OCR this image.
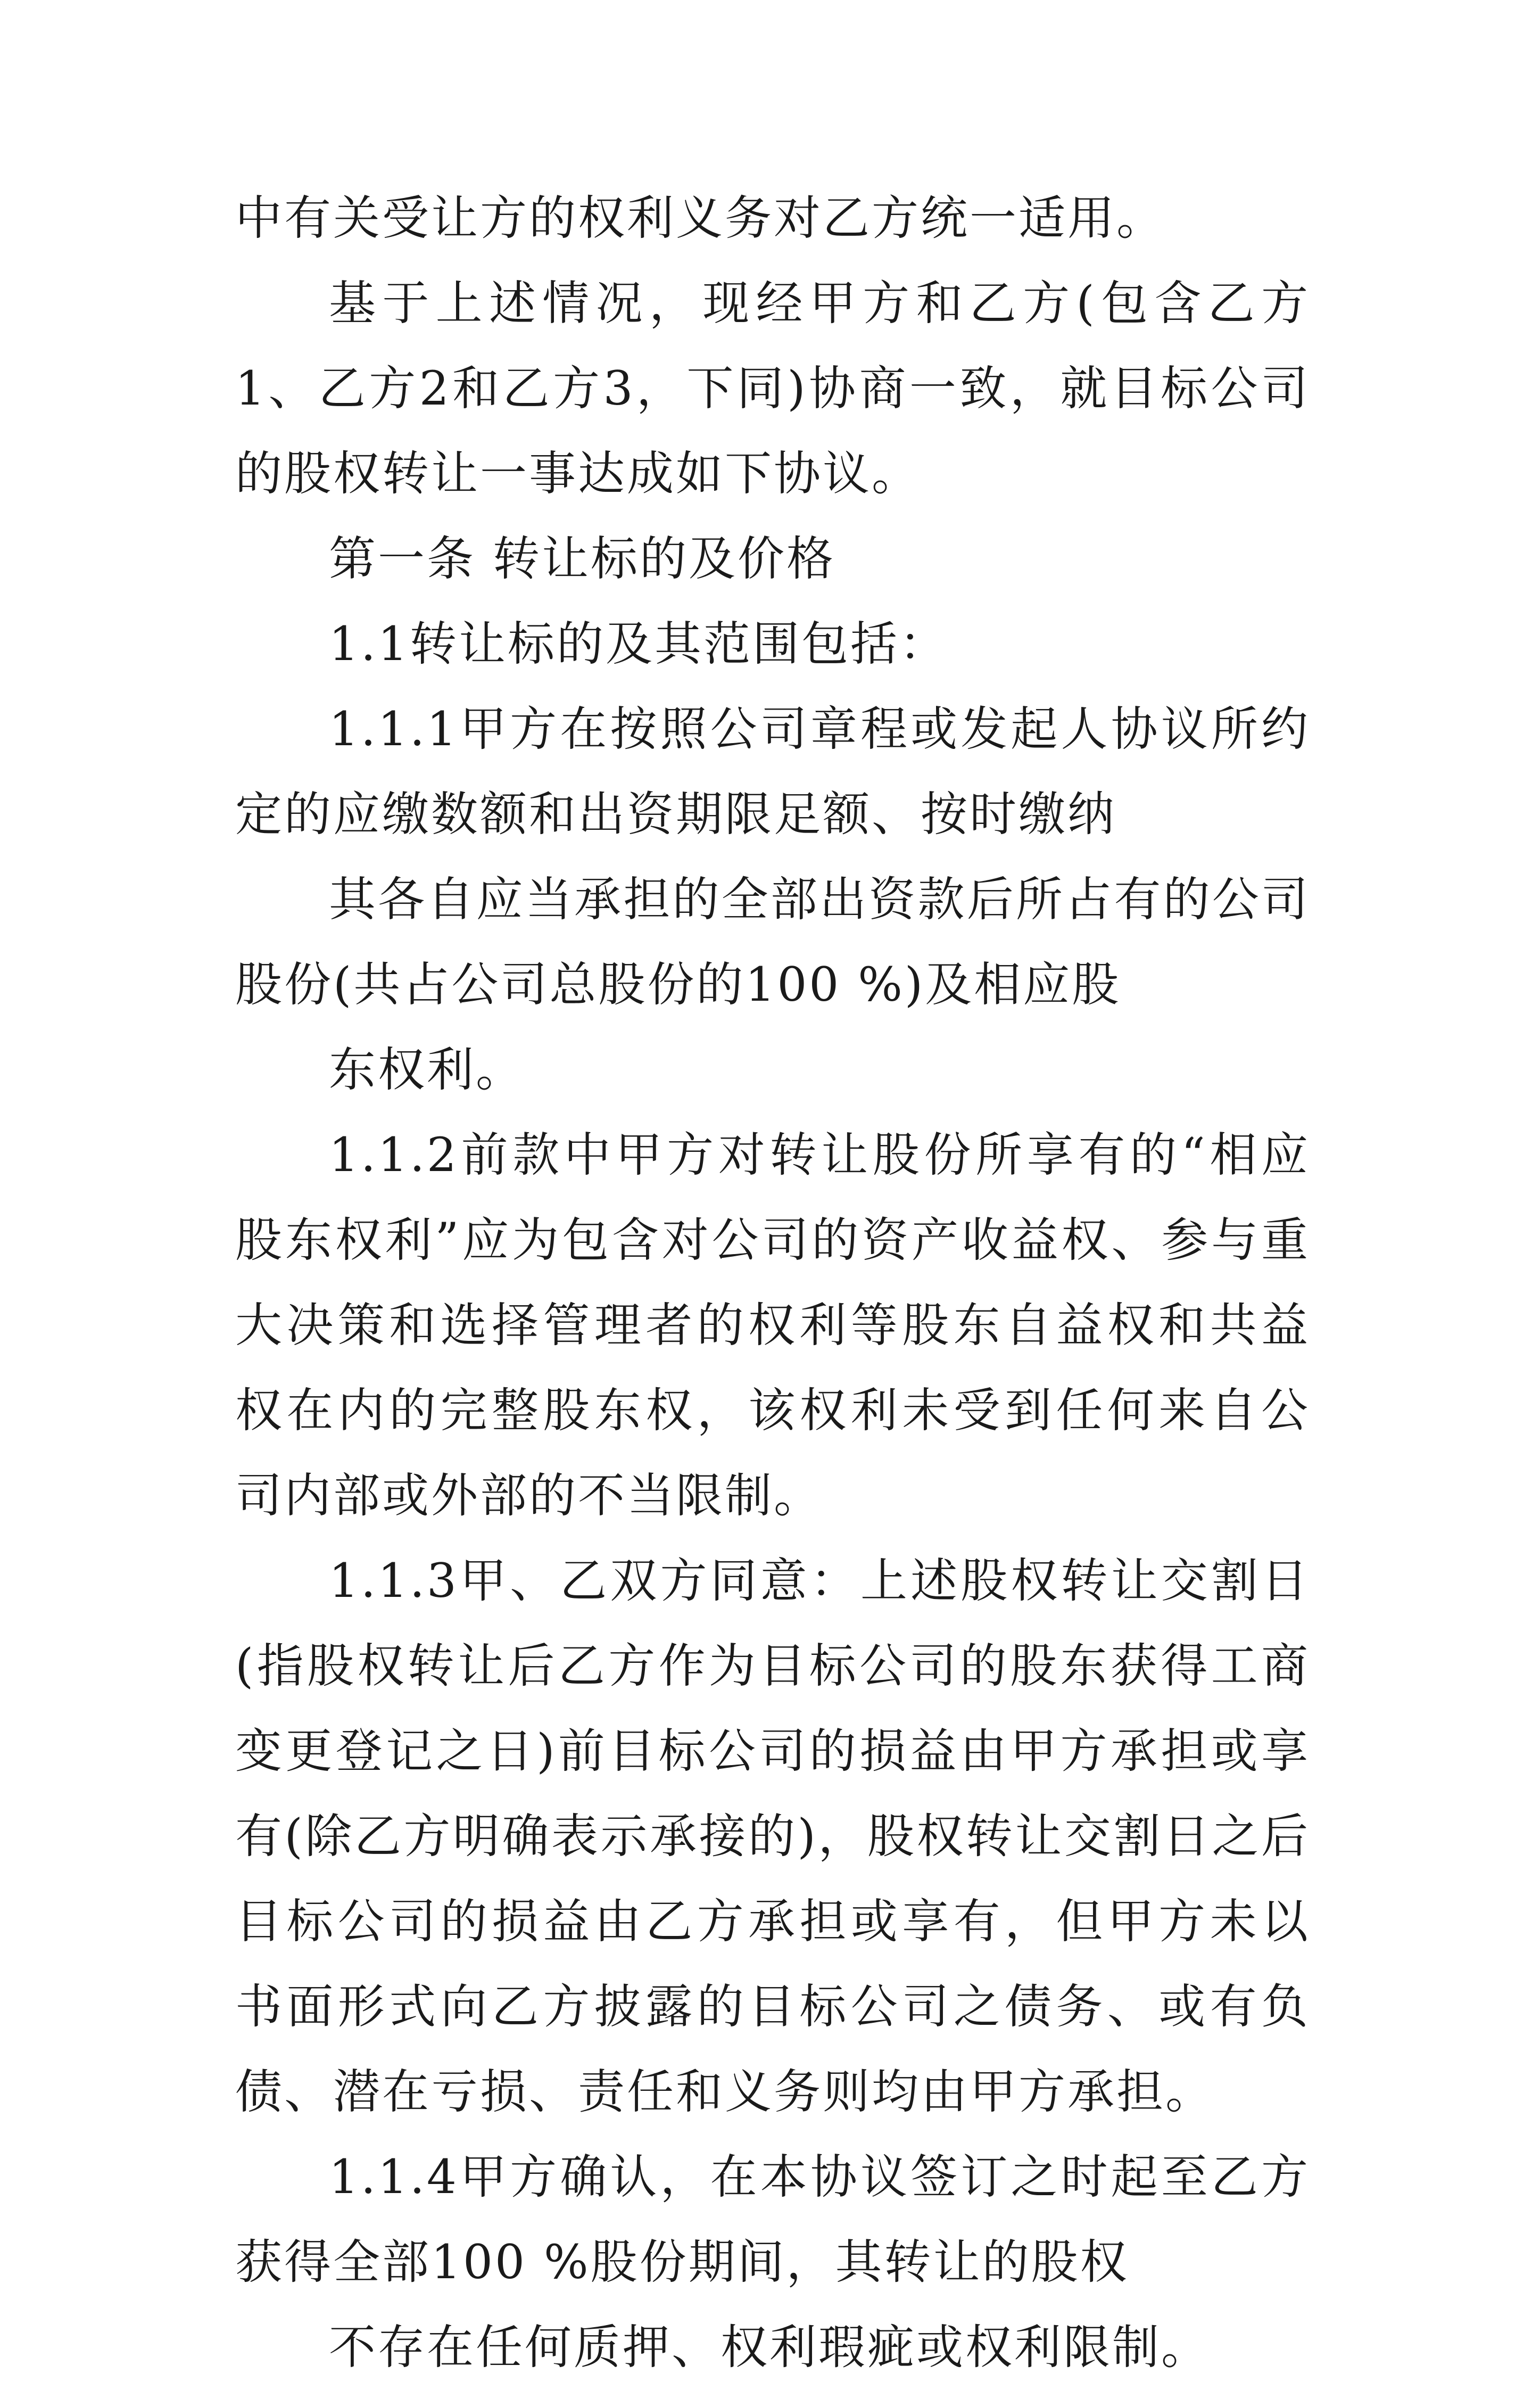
中有关受让方的权利义务对乙方统一适用。

基于上述情况，现经甲方和乙方(包含乙方1、乙方2和乙方3，下同)协商一致，就目标公司的股权转让一事达成如下协议。

第一条 转让标的及价格

1.1转让标的及其范围包括：

1.1.1甲方在按照公司章程或发起人协议所约定的应缴数额和出资期限足额、按时缴纳

其各自应当承担的全部出资款后所占有的公司股份(共占公司总股份的100 %)及相应股

东权利。

1.1.2前款中甲方对转让股份所享有的“相应股东权利”应为包含对公司的资产收益权、参与重大决策和选择管理者的权利等股东自益权和共益权在内的完整股东权，该权利未受到任何来自公司内部或外部的不当限制。

1.1.3甲、乙双方同意：上述股权转让交割日(指股权转让后乙方作为目标公司的股东获得工商变更登记之日)前目标公司的损益由甲方承担或享有(除乙方明确表示承接的)，股权转让交割日之后目标公司的损益由乙方承担或享有，但甲方未以书面形式向乙方披露的目标公司之债务、或有负债、潜在亏损、责任和义务则均由甲方承担。

1.1.4甲方确认，在本协议签订之时起至乙方获得全部100 %股份期间，其转让的股权

不存在任何质押、权利瑕疵或权利限制。
